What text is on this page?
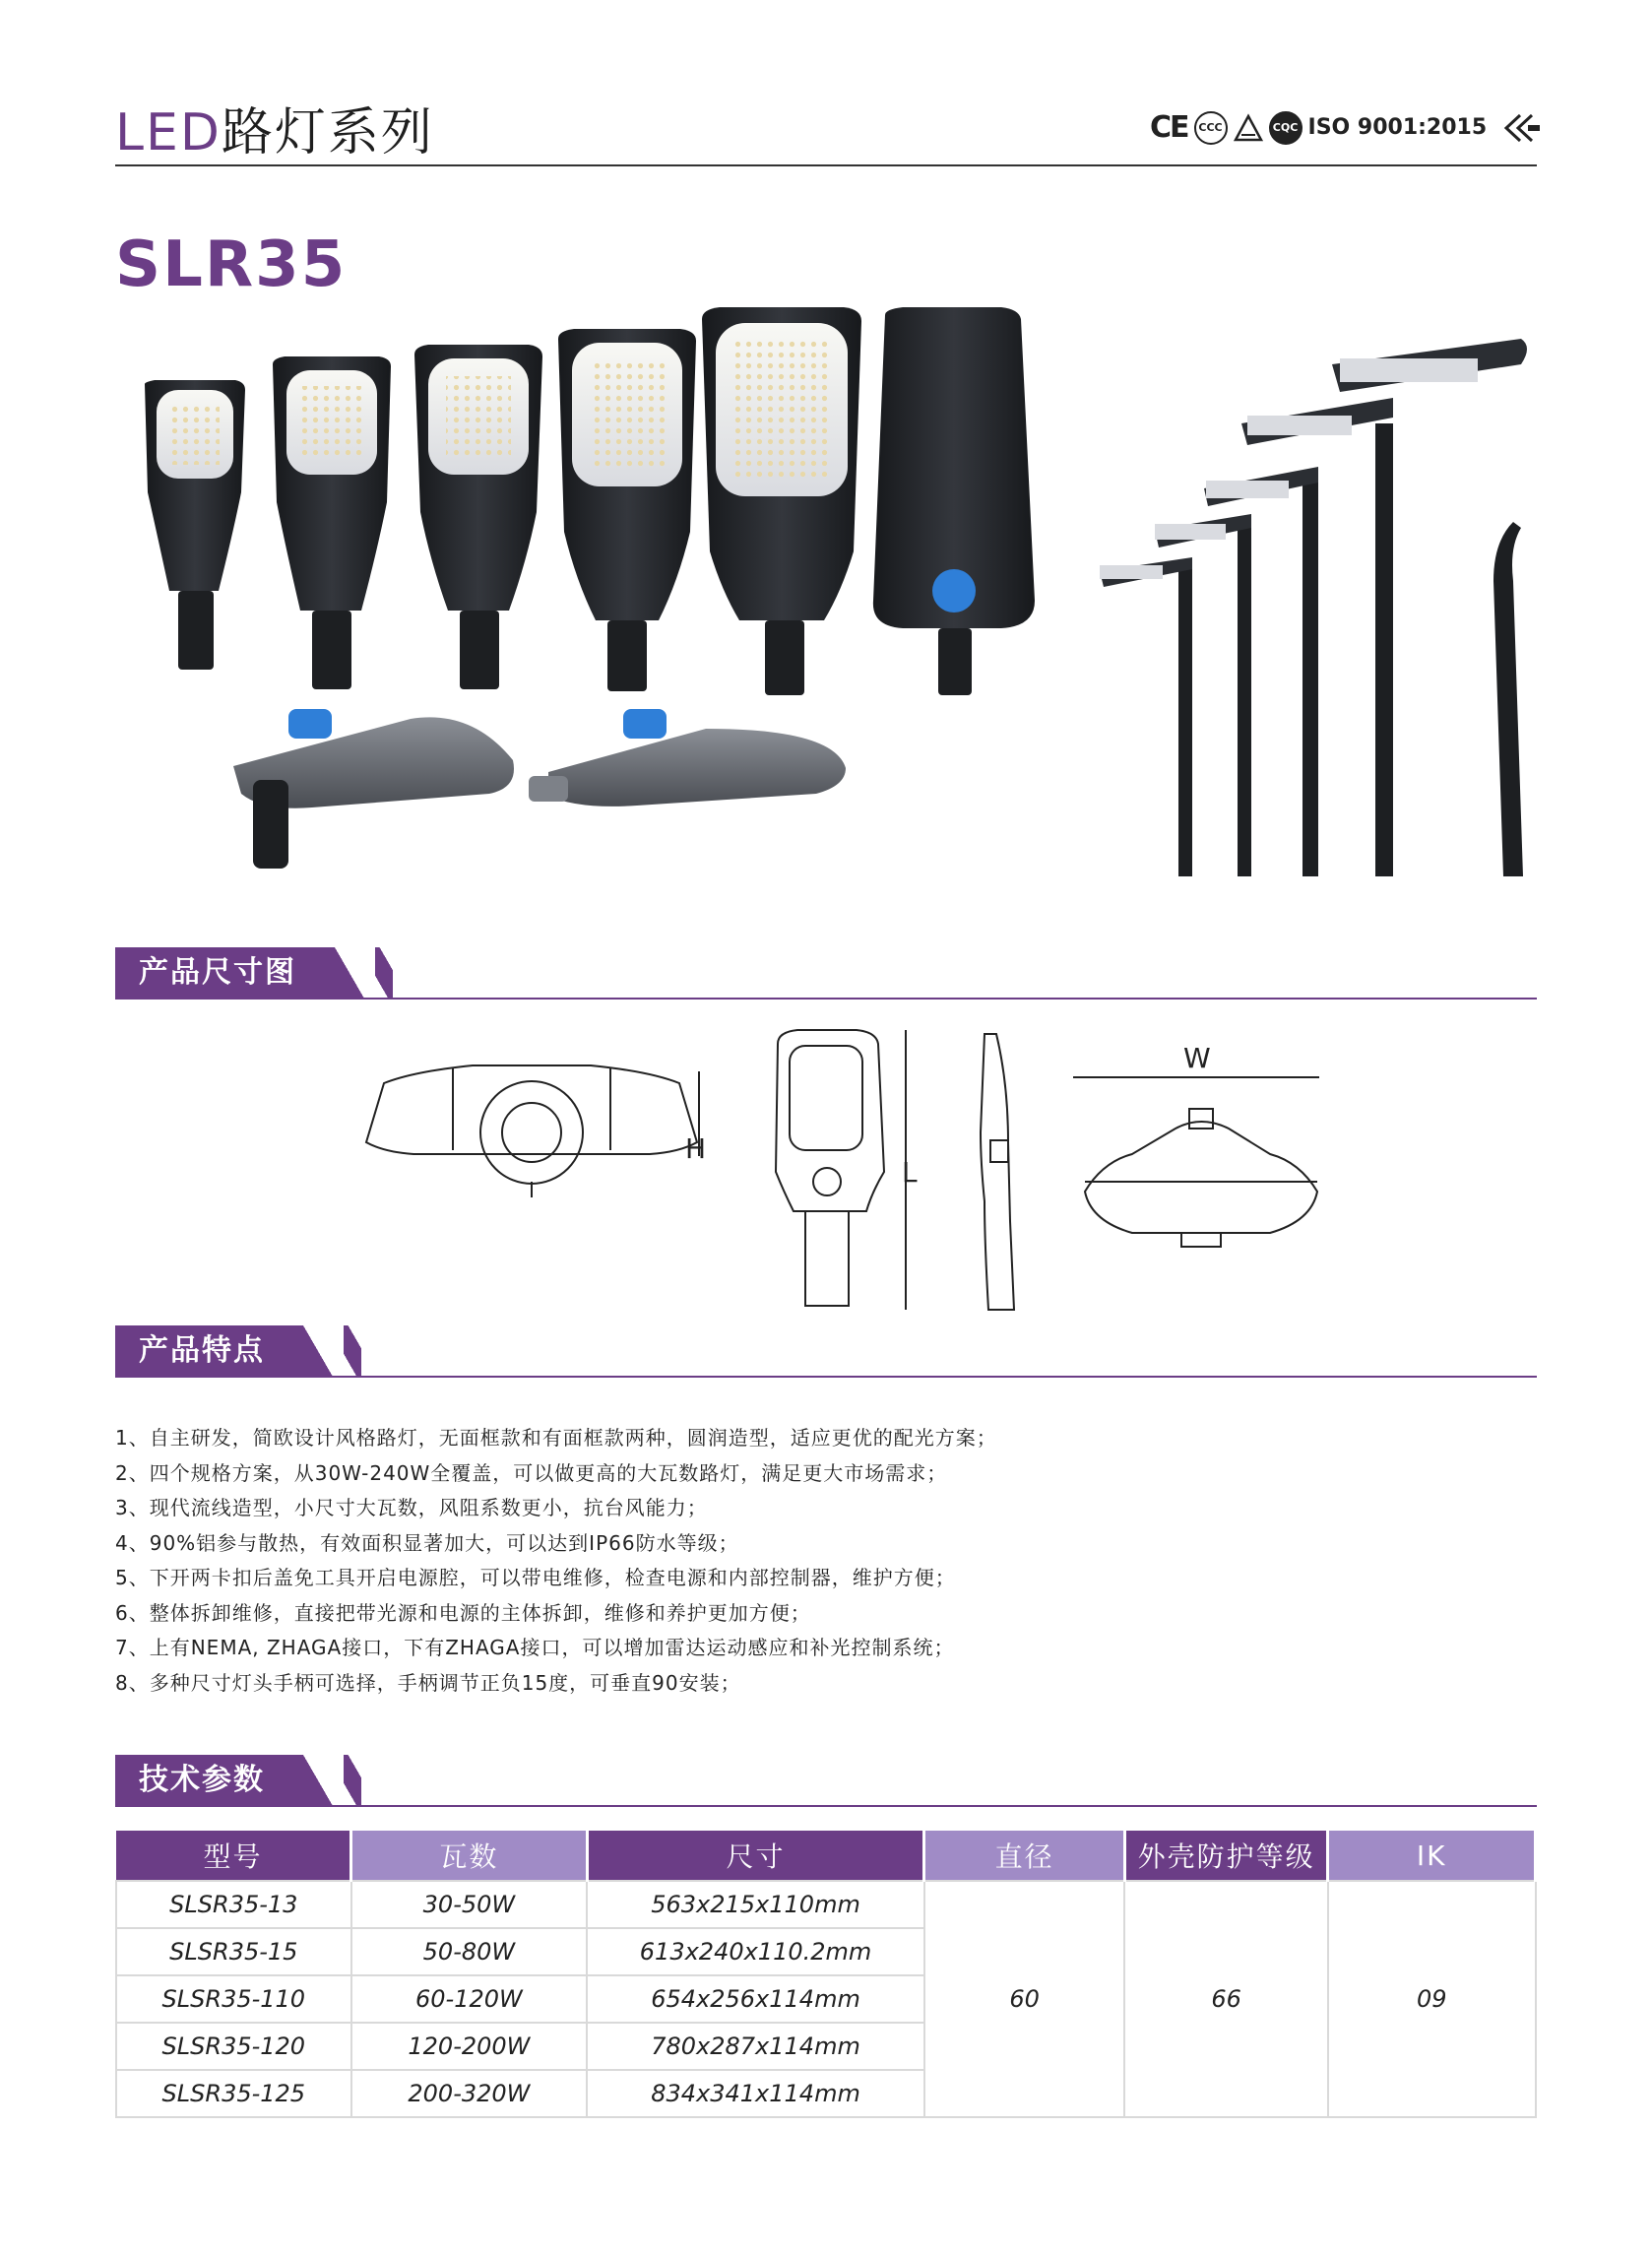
LED路灯系列	CE CCC	CQC ISO 9001:2015
SLR35
产品尺寸图
H
L
W
产品特点
1、自主研发，简欧设计风格路灯，无面框款和有面框款两种，圆润造型，适应更优的配光方案；
2、四个规格方案，从30W-240W全覆盖，可以做更高的大瓦数路灯，满足更大市场需求；
3、现代流线造型，小尺寸大瓦数，风阻系数更小，抗台风能力；
4、90%铝参与散热，有效面积显著加大，可以达到IP66防水等级；
5、下开两卡扣后盖免工具开启电源腔，可以带电维修，检查电源和内部控制器，维护方便；
6、整体拆卸维修，直接把带光源和电源的主体拆卸，维修和养护更加方便；
7、上有NEMA, ZHAGA接口，下有ZHAGA接口，可以增加雷达运动感应和补光控制系统；
8、多种尺寸灯头手柄可选择，手柄调节正负15度，可垂直90安装；
技术参数
型号	瓦数	尺寸	直径	外壳防护等级	IK
SLSR35-13	30-50W	563x215x110mm	60	66	09
SLSR35-15	50-80W	613x240x110.2mm			
SLSR35-110	60-120W	654x256x114mm			
SLSR35-120	120-200W	780x287x114mm			
SLSR35-125	200-320W	834x341x114mm			
